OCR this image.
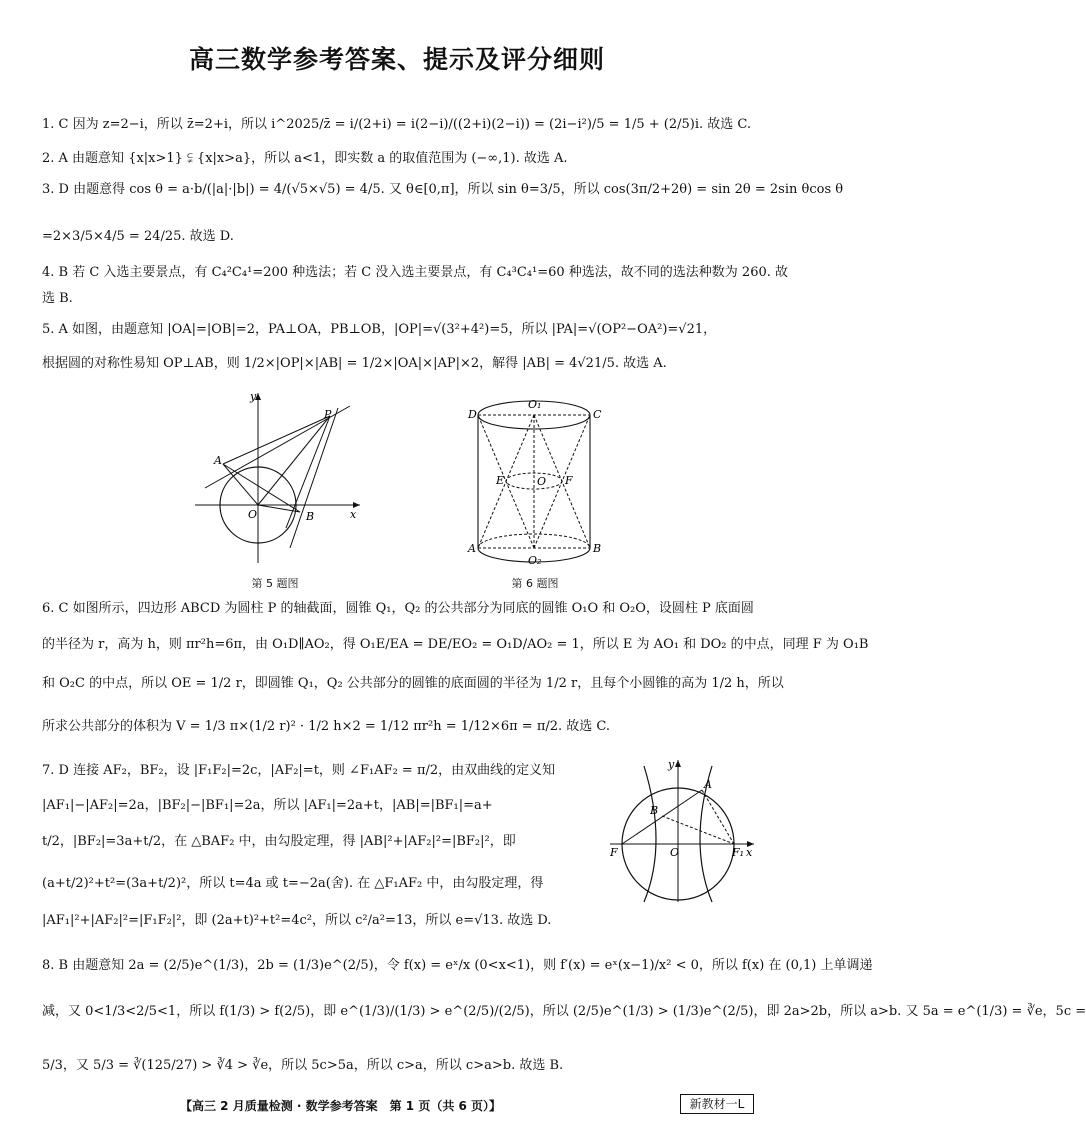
高三数学参考答案、提示及评分细则
1. C 因为 z=2−i，所以 z̄=2+i，所以 i^2025/z̄ = i/(2+i) = i(2−i)/((2+i)(2−i)) = (2i−i²)/5 = 1/5 + (2/5)i. 故选 C.
2. A 由题意知 {x|x>1} ⫋ {x|x>a}，所以 a<1，即实数 a 的取值范围为 (−∞,1). 故选 A.
3. D 由题意得 cos θ = a·b/(|a|·|b|) = 4/(√5×√5) = 4/5. 又 θ∈[0,π]，所以 sin θ=3/5，所以 cos(3π/2+2θ) = sin 2θ = 2sin θcos θ
=2×3/5×4/5 = 24/25. 故选 D.
4. B 若 C 入选主要景点，有 C₄²C₄¹=200 种选法；若 C 没入选主要景点，有 C₄³C₄¹=60 种选法，故不同的选法种数为 260. 故
选 B.
5. A 如图，由题意知 |OA|=|OB|=2，PA⊥OA，PB⊥OB，|OP|=√(3²+4²)=5，所以 |PA|=√(OP²−OA²)=√21，
根据圆的对称性易知 OP⊥AB，则 1/2×|OP|×|AB| = 1/2×|OA|×|AP|×2，解得 |AB| = 4√21/5. 故选 A.
y
x
O
A
B
P
第 5 题图
D	C
A	B
O₁
O₂
O
E	F
第 6 题图
6. C 如图所示，四边形 ABCD 为圆柱 P 的轴截面，圆锥 Q₁，Q₂ 的公共部分为同底的圆锥 O₁O 和 O₂O，设圆柱 P 底面圆
的半径为 r，高为 h，则 πr²h=6π，由 O₁D∥AO₂，得 O₁E/EA = DE/EO₂ = O₁D/AO₂ = 1，所以 E 为 AO₁ 和 DO₂ 的中点，同理 F 为 O₁B
和 O₂C 的中点，所以 OE = 1/2 r，即圆锥 Q₁，Q₂ 公共部分的圆锥的底面圆的半径为 1/2 r，且每个小圆锥的高为 1/2 h，所以
所求公共部分的体积为 V = 1/3 π×(1/2 r)² · 1/2 h×2 = 1/12 πr²h = 1/12×6π = π/2. 故选 C.
7. D 连接 AF₂，BF₂，设 |F₁F₂|=2c，|AF₂|=t，则 ∠F₁AF₂ = π/2，由双曲线的定义知
|AF₁|−|AF₂|=2a，|BF₂|−|BF₁|=2a，所以 |AF₁|=2a+t，|AB|=|BF₁|=a+
t/2，|BF₂|=3a+t/2，在 △BAF₂ 中，由勾股定理，得 |AB|²+|AF₂|²=|BF₂|²，即
(a+t/2)²+t²=(3a+t/2)²，所以 t=4a 或 t=−2a(舍). 在 △F₁AF₂ 中，由勾股定理，得
|AF₁|²+|AF₂|²=|F₁F₂|²，即 (2a+t)²+t²=4c²，所以 c²/a²=13，所以 e=√13. 故选 D.
y
x
A
B
F	O	F₁
8. B 由题意知 2a = (2/5)e^(1/3)，2b = (1/3)e^(2/5)，令 f(x) = eˣ/x (0<x<1)，则 f′(x) = eˣ(x−1)/x² < 0，所以 f(x) 在 (0,1) 上单调递
减，又 0<1/3<2/5<1，所以 f(1/3) > f(2/5)，即 e^(1/3)/(1/3) > e^(2/5)/(2/5)，所以 (2/5)e^(1/3) > (1/3)e^(2/5)，即 2a>2b，所以 a>b. 又 5a = e^(1/3) = ∛e，5c =
5/3，又 5/3 = ∛(125/27) > ∛4 > ∛e，所以 5c>5a，所以 c>a，所以 c>a>b. 故选 B.
【高三 2 月质量检测 · 数学参考答案　第 1 页（共 6 页）】	新教材一L
